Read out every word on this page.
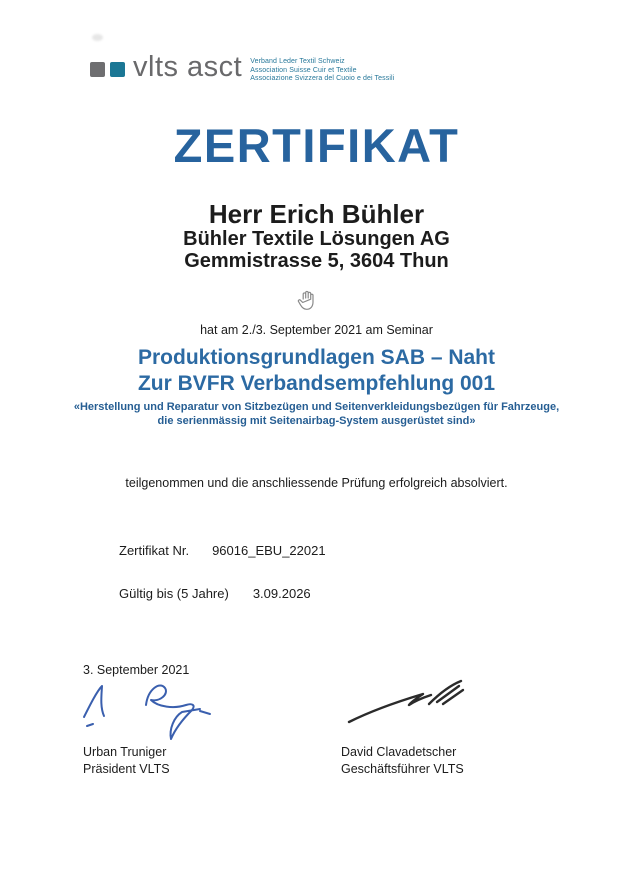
vlts asct Verband Leder Textil Schweiz
Association Suisse Cuir et Textile
Associazione Svizzera del Cuoio e dei Tessili
ZERTIFIKAT
Herr Erich Bühler
Bühler Textile Lösungen AG
Gemmistrasse 5, 3604 Thun
hat am 2./3. September 2021 am Seminar
Produktionsgrundlagen SAB – Naht
Zur BVFR Verbandsempfehlung 001
«Herstellung und Reparatur von Sitzbezügen und Seitenverkleidungsbezügen für Fahrzeuge,
die serienmässig mit Seitenairbag-System ausgerüstet sind»
teilgenommen und die anschliessende Prüfung erfolgreich absolviert.
Zertifikat Nr. 96016_EBU_22021
Gültig bis (5 Jahre) 3.09.2026
3. September 2021
Urban Truniger
Präsident VLTS
David Clavadetscher
Geschäftsführer VLTS
